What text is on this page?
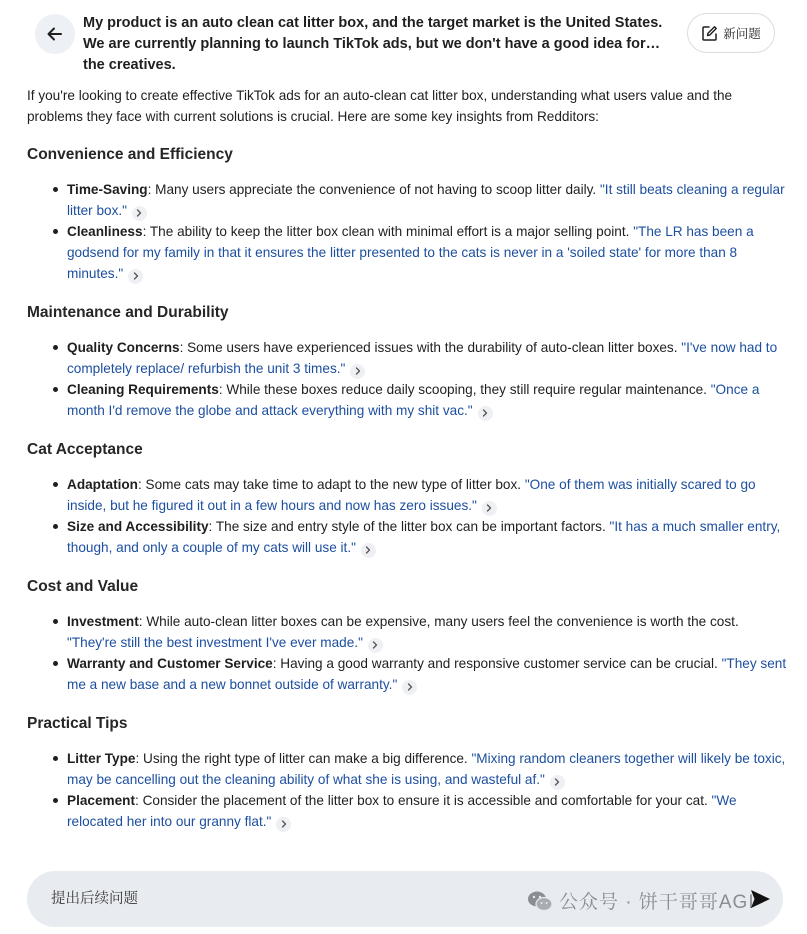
My product is an auto clean cat litter box, and the target market is the United States. We are currently planning to launch TikTok ads, but we don't have a good idea for the creatives.
新问题

If you're looking to create effective TikTok ads for an auto-clean cat litter box, understanding what users value and the problems they face with current solutions is crucial. Here are some key insights from Redditors:

Convenience and Efficiency
Time-Saving: Many users appreciate the convenience of not having to scoop litter daily. "It still beats cleaning a regular litter box."
Cleanliness: The ability to keep the litter box clean with minimal effort is a major selling point. "The LR has been a godsend for my family in that it ensures the litter presented to the cats is never in a 'soiled state' for more than 8 minutes."
Maintenance and Durability
Quality Concerns: Some users have experienced issues with the durability of auto-clean litter boxes. "I've now had to completely replace/ refurbish the unit 3 times."
Cleaning Requirements: While these boxes reduce daily scooping, they still require regular maintenance. "Once a month I'd remove the globe and attack everything with my shit vac."
Cat Acceptance
Adaptation: Some cats may take time to adapt to the new type of litter box. "One of them was initially scared to go inside, but he figured it out in a few hours and now has zero issues."
Size and Accessibility: The size and entry style of the litter box can be important factors. "It has a much smaller entry, though, and only a couple of my cats will use it."
Cost and Value
Investment: While auto-clean litter boxes can be expensive, many users feel the convenience is worth the cost. "They're still the best investment I've ever made."
Warranty and Customer Service: Having a good warranty and responsive customer service can be crucial. "They sent me a new base and a new bonnet outside of warranty."
Practical Tips
Litter Type: Using the right type of litter can make a big difference. "Mixing random cleaners together will likely be toxic, may be cancelling out the cleaning ability of what she is using, and wasteful af."
Placement: Consider the placement of the litter box to ensure it is accessible and comfortable for your cat. "We relocated her into our granny flat."
提出后续问题
公众号 · 饼干哥哥AGI
